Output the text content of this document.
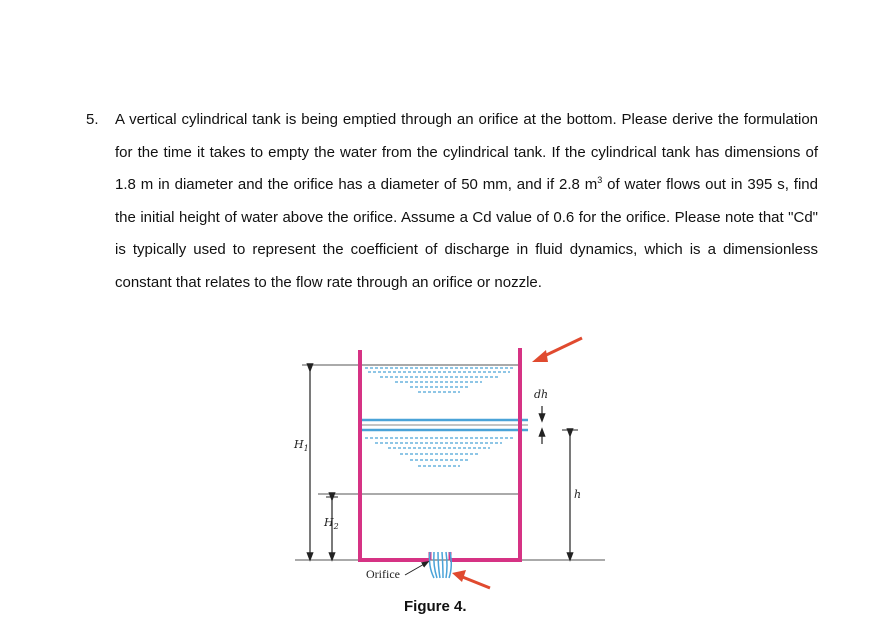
5. A vertical cylindrical tank is being emptied through an orifice at the bottom. Please derive the formulation for the time it takes to empty the water from the cylindrical tank. If the cylindrical tank has dimensions of 1.8 m in diameter and the orifice has a diameter of 50 mm, and if 2.8 $m^3$ of water flows out in 395 s, find the initial height of water above the orifice. Assume a Cd value of 0.6 for the orifice. Please note that "Cd" is typically used to represent the coefficient of discharge in fluid dynamics, which is a dimensionless constant that relates to the flow rate through an orifice or nozzle.
$H_1$
$H_2$
dh
h
Orifice
Figure 4.
